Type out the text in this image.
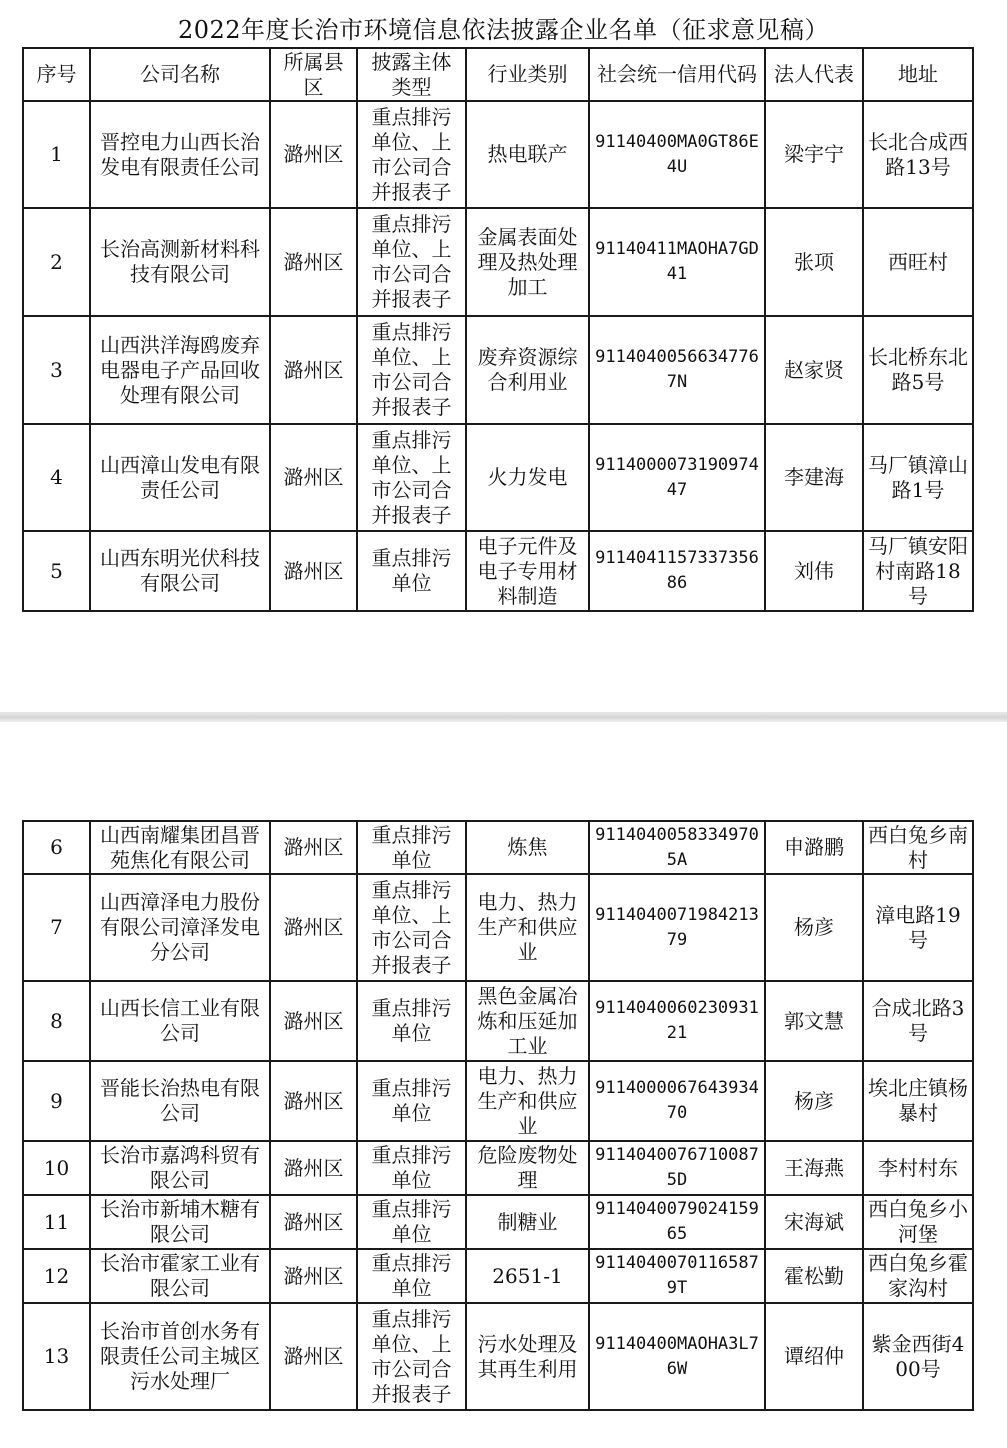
2022年度长治市环境信息依法披露企业名单（征求意见稿）
序号	公司名称	所属县区	披露主体类型	行业类别	社会统一信用代码	法人代表	地址
1	晋控电力山西长治发电有限责任公司	潞州区	重点排污单位、上市公司合并报表子	热电联产	91140400MA0GT86E4U	梁宇宁	长北合成西路13号
2	长治高测新材料科技有限公司	潞州区	重点排污单位、上市公司合并报表子	金属表面处理及热处理加工	91140411MAOHA7GD41	张项	西旺村
3	山西洪洋海鸥废弃电器电子产品回收处理有限公司	潞州区	重点排污单位、上市公司合并报表子	废弃资源综合利用业	91140400566347767N	赵家贤	长北桥东北路5号
4	山西漳山发电有限责任公司	潞州区	重点排污单位、上市公司合并报表子	火力发电	911400007319097447	李建海	马厂镇漳山路1号
5	山西东明光伏科技有限公司	潞州区	重点排污单位	电子元件及电子专用材料制造	911404115733735686	刘伟	马厂镇安阳村南路18号
6	山西南耀集团昌晋苑焦化有限公司	潞州区	重点排污单位	炼焦	91140400583349705A	申潞鹏	西白兔乡南村
7	山西漳泽电力股份有限公司漳泽发电分公司	潞州区	重点排污单位、上市公司合并报表子	电力、热力生产和供应业	911404007198421379	杨彦	漳电路19号
8	山西长信工业有限公司	潞州区	重点排污单位	黑色金属冶炼和压延加工业	911404006023093121	郭文慧	合成北路3号
9	晋能长治热电有限公司	潞州区	重点排污单位	电力、热力生产和供应业	911400006764393470	杨彦	埃北庄镇杨暴村
10	长治市嘉鸿科贸有限公司	潞州区	重点排污单位	危险废物处理	91140400767100875D	王海燕	李村村东
11	长治市新埔木糖有限公司	潞州区	重点排污单位	制糖业	911404007902415965	宋海斌	西白兔乡小河堡
12	长治市霍家工业有限公司	潞州区	重点排污单位	2651-1	91140400701165879T	霍松勤	西白兔乡霍家沟村
13	长治市首创水务有限责任公司主城区污水处理厂	潞州区	重点排污单位、上市公司合并报表子	污水处理及其再生利用	91140400MAOHA3L76W	谭绍仲	紫金西街400号
